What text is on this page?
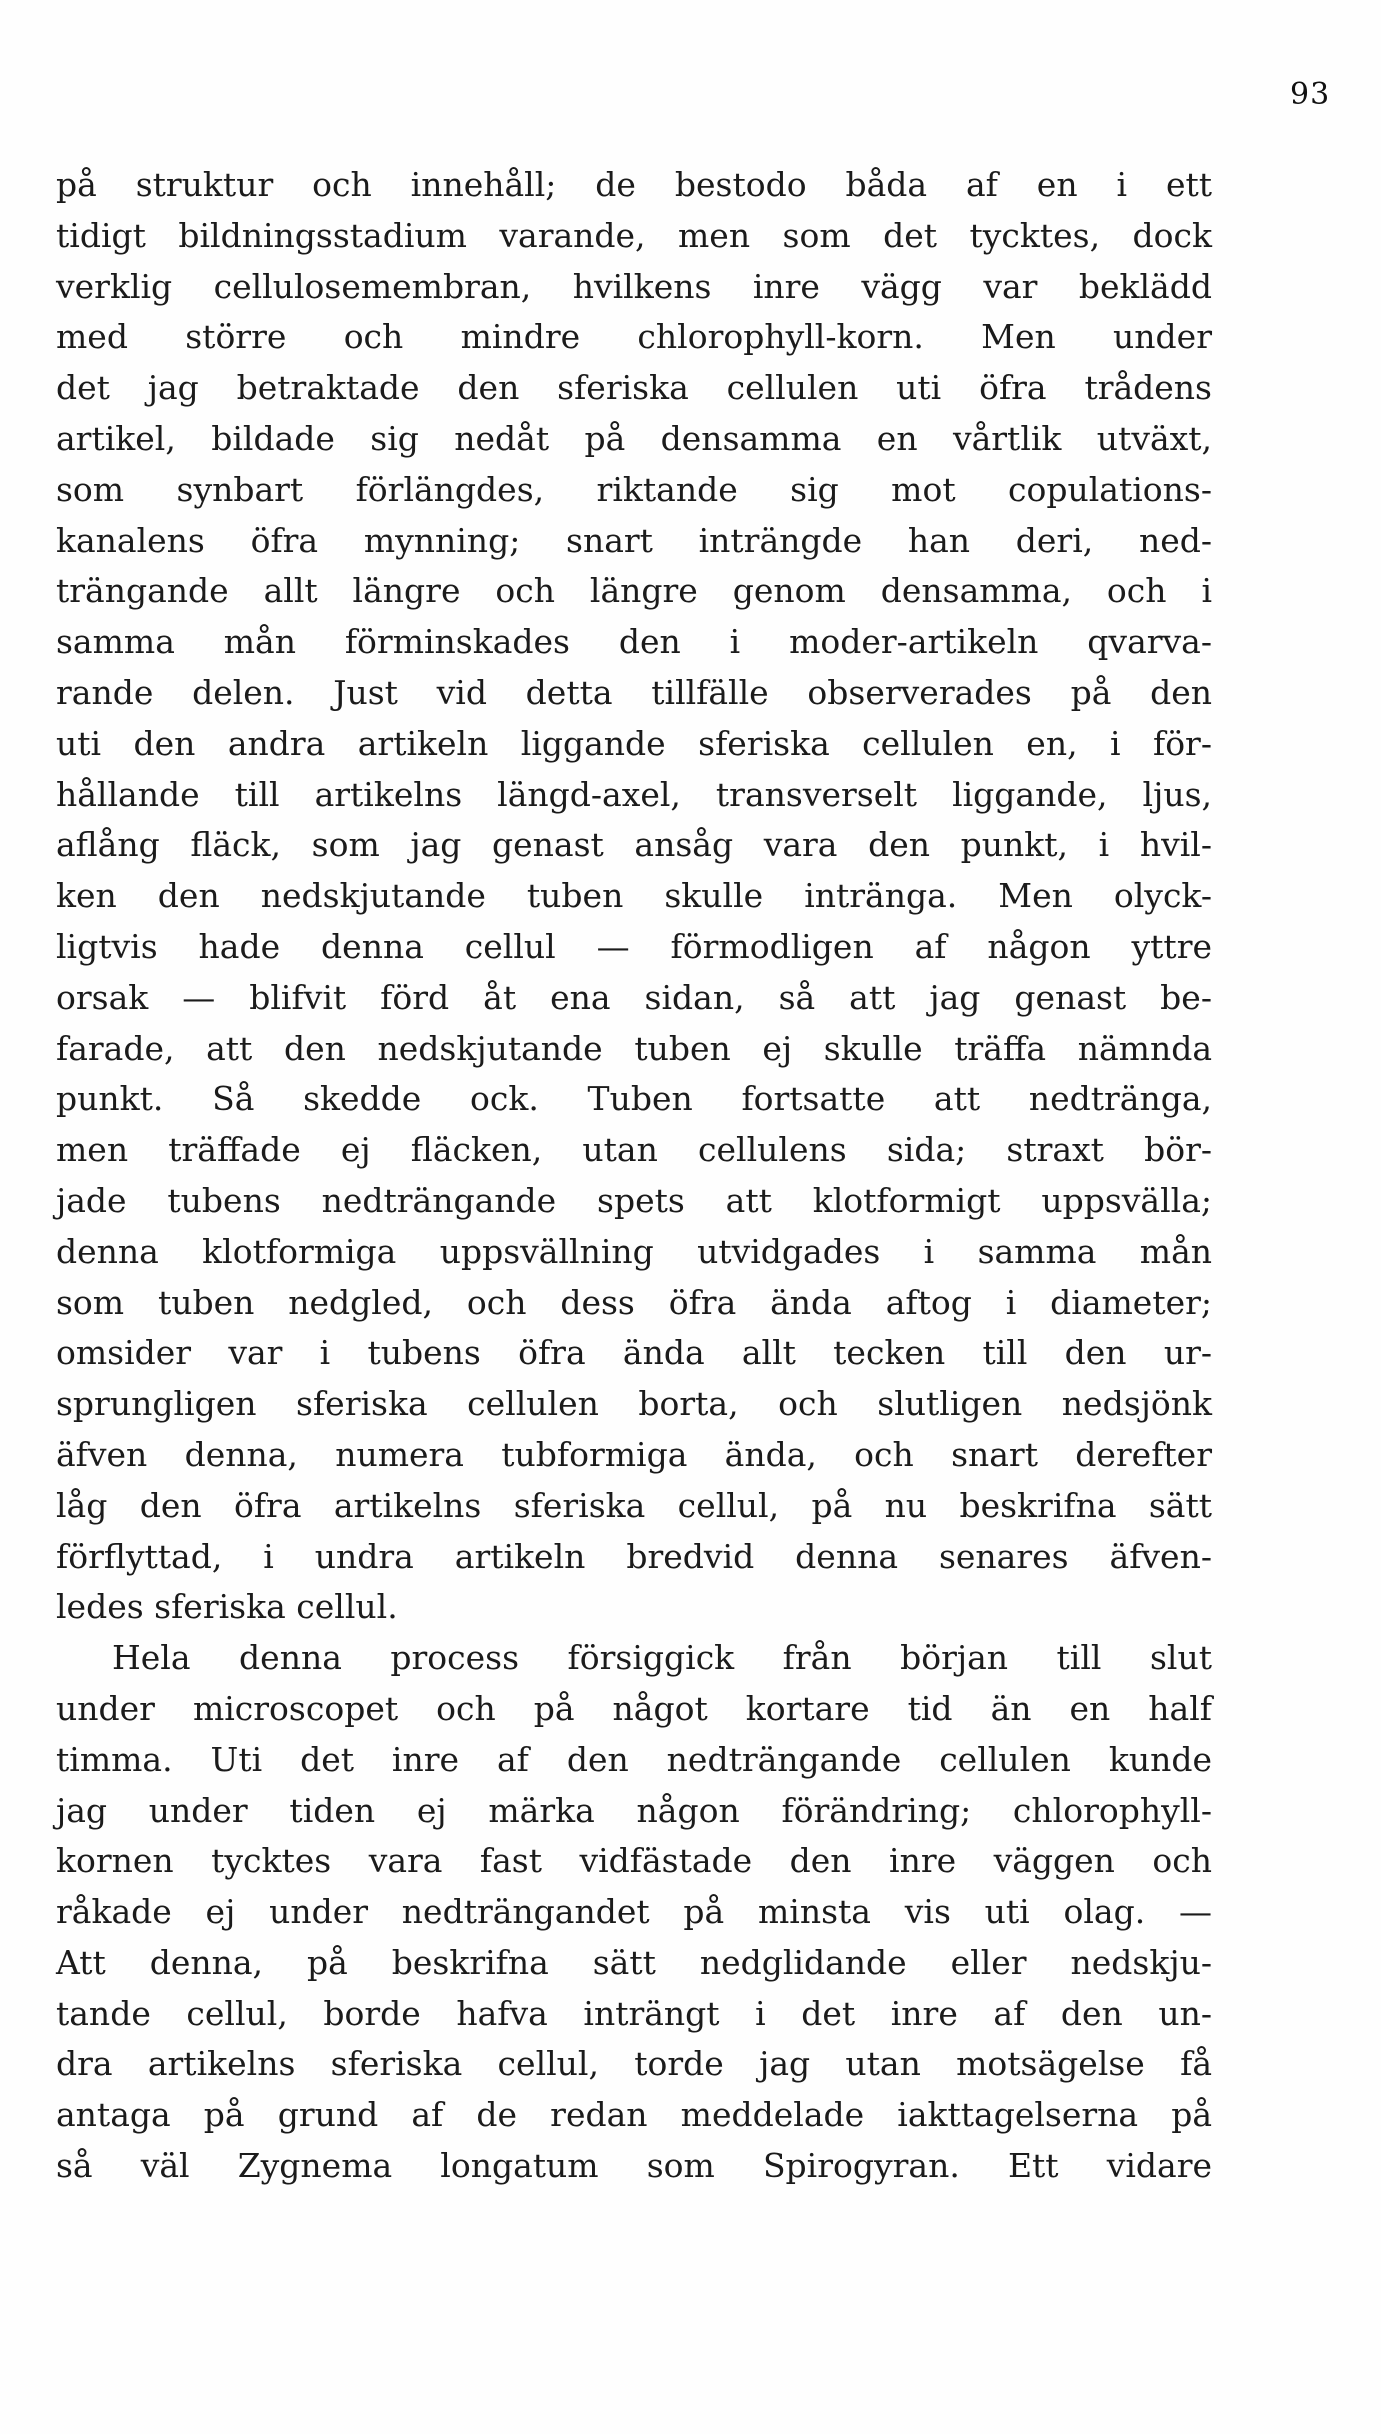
93
på struktur och innehåll; de bestodo båda af en i ett
tidigt bildningsstadium varande, men som det tycktes, dock
verklig cellulosemembran, hvilkens inre vägg var beklädd
med större och mindre chlorophyll-korn. Men under
det jag betraktade den sferiska cellulen uti öfra trådens
artikel, bildade sig nedåt på densamma en vårtlik utväxt,
som synbart förlängdes, riktande sig mot copulations-
kanalens öfra mynning; snart inträngde han deri, ned-
trängande allt längre och längre genom densamma, och i
samma mån förminskades den i moder-artikeln qvarva-
rande delen. Just vid detta tillfälle observerades på den
uti den andra artikeln liggande sferiska cellulen en, i för-
hållande till artikelns längd-axel, transverselt liggande, ljus,
aflång fläck, som jag genast ansåg vara den punkt, i hvil-
ken den nedskjutande tuben skulle intränga. Men olyck-
ligtvis hade denna cellul — förmodligen af någon yttre
orsak — blifvit förd åt ena sidan, så att jag genast be-
farade, att den nedskjutande tuben ej skulle träffa nämnda
punkt. Så skedde ock. Tuben fortsatte att nedtränga,
men träffade ej fläcken, utan cellulens sida; straxt bör-
jade tubens nedträngande spets att klotformigt uppsvälla;
denna klotformiga uppsvällning utvidgades i samma mån
som tuben nedgled, och dess öfra ända aftog i diameter;
omsider var i tubens öfra ända allt tecken till den ur-
sprungligen sferiska cellulen borta, och slutligen nedsjönk
äfven denna, numera tubformiga ända, och snart derefter
låg den öfra artikelns sferiska cellul, på nu beskrifna sätt
förflyttad, i undra artikeln bredvid denna senares äfven-
ledes sferiska cellul.
Hela denna process försiggick från början till slut
under microscopet och på något kortare tid än en half
timma. Uti det inre af den nedträngande cellulen kunde
jag under tiden ej märka någon förändring; chlorophyll-
kornen tycktes vara fast vidfästade den inre väggen och
råkade ej under nedträngandet på minsta vis uti olag. —
Att denna, på beskrifna sätt nedglidande eller nedskju-
tande cellul, borde hafva inträngt i det inre af den un-
dra artikelns sferiska cellul, torde jag utan motsägelse få
antaga på grund af de redan meddelade iakttagelserna på
så väl Zygnema longatum som Spirogyran. Ett vidare
